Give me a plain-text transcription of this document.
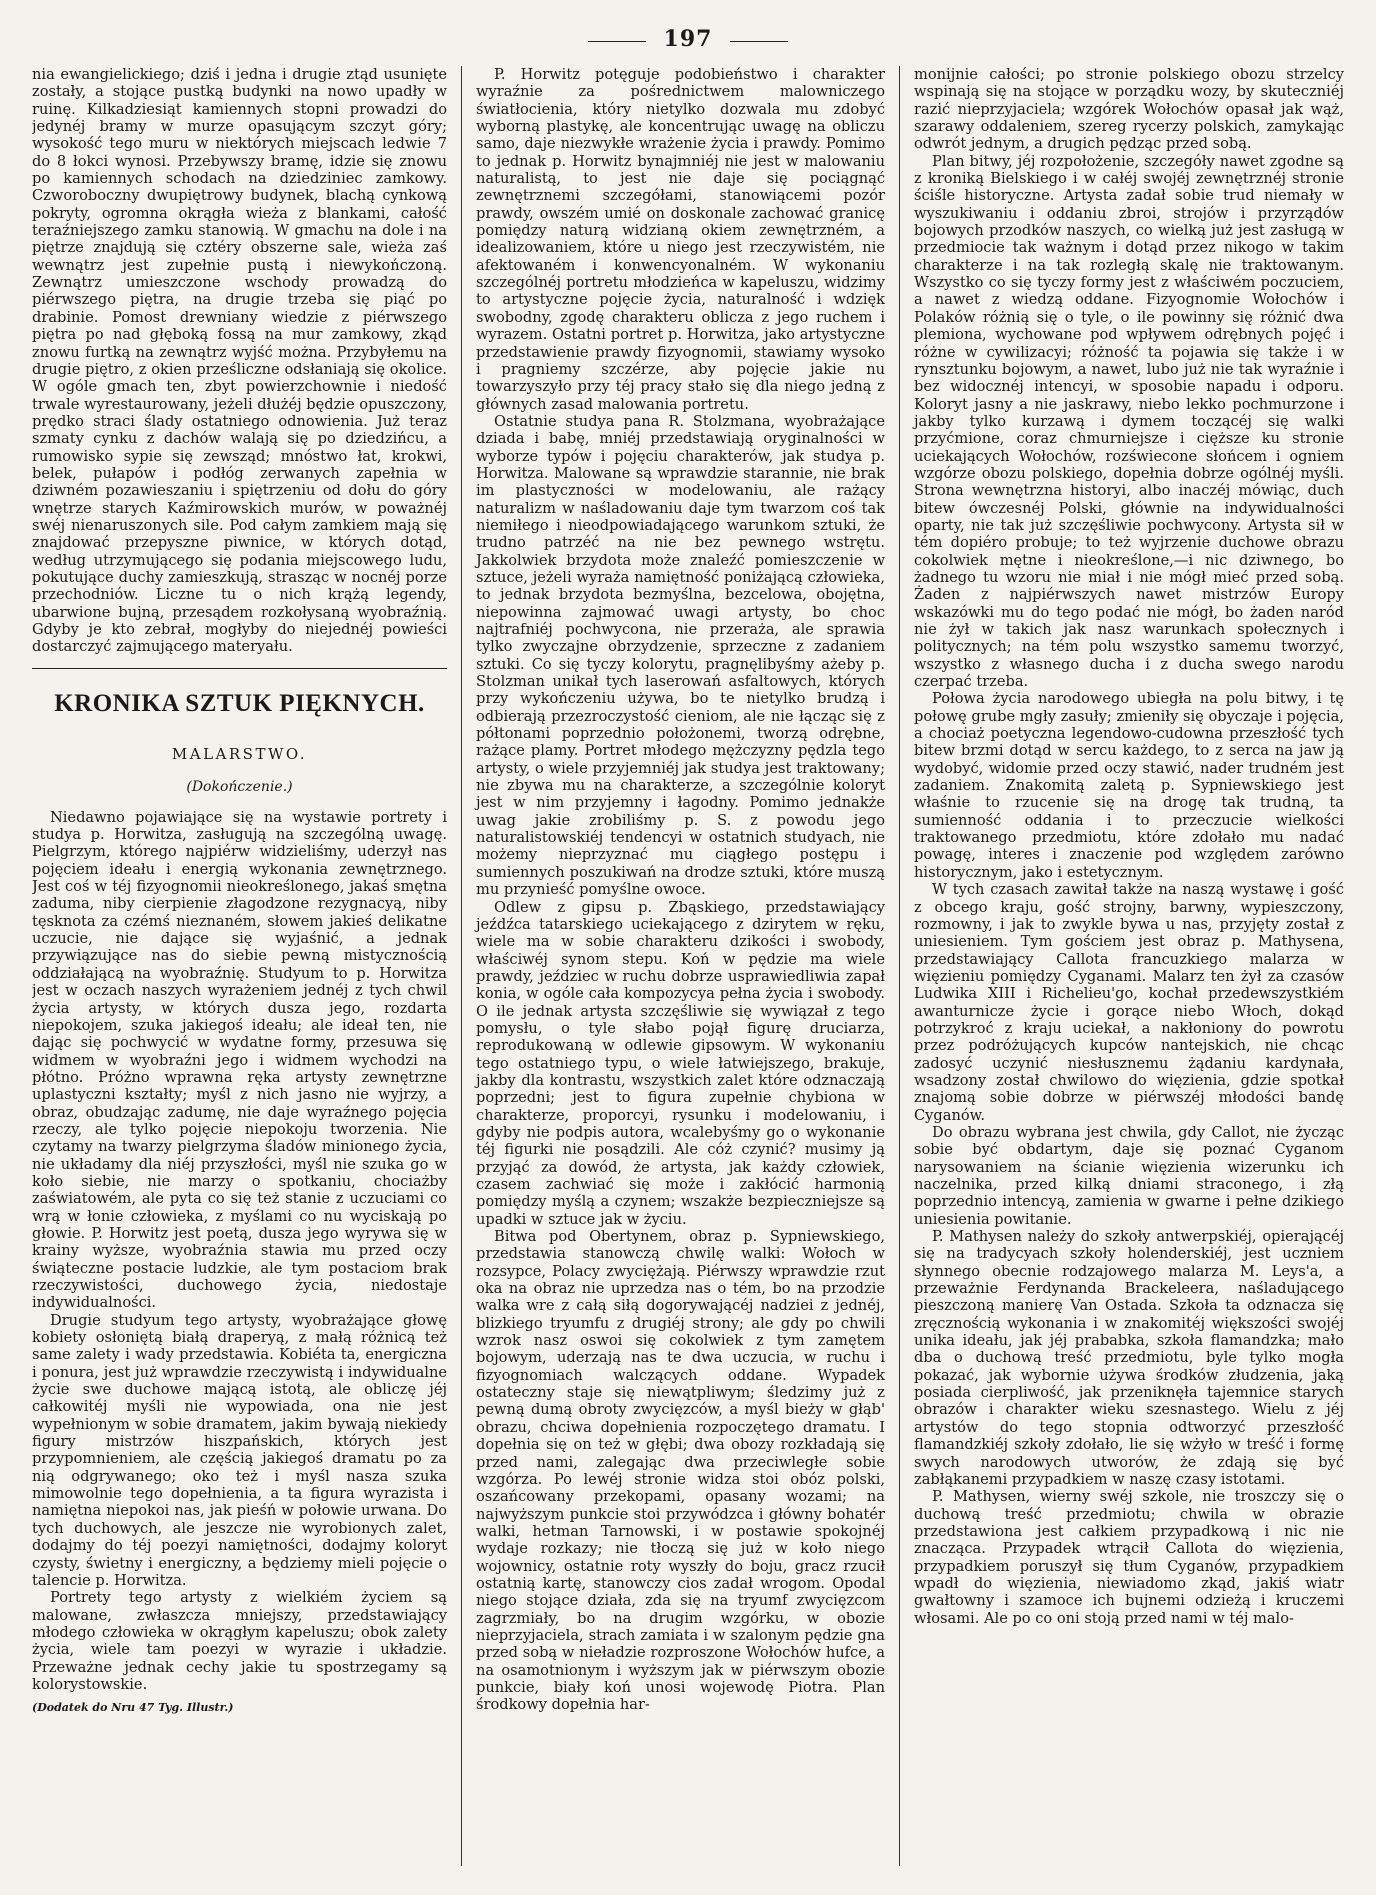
197

nia ewangielickiego; dziś i jedna i drugie ztąd usunięte zostały, a stojące pustką budynki na nowo upadły w ruinę. Kilkadziesiąt kamiennych stopni prowadzi do jedynéj bramy w murze opasującym szczyt góry; wysokość tego muru w niektórych miejscach ledwie 7 do 8 łokci wynosi. Przebywszy bramę, idzie się znowu po kamiennych schodach na dziedziniec zamkowy. Czworoboczny dwupiętrowy budynek, blachą cynkową pokryty, ogromna okrągła wieża z blankami, całość teraźniejszego zamku stanowią. W gmachu na dole i na piętrze znajdują się cztéry obszerne sale, wieża zaś wewnątrz jest zupełnie pustą i niewykończoną. Zewnątrz umieszczone wschody prowadzą do piérwszego piętra, na drugie trzeba się piąć po drabinie. Pomost drewniany wiedzie z piérwszego piętra po nad głęboką fossą na mur zamkowy, zkąd znowu furtką na zewnątrz wyjść można. Przybyłemu na drugie piętro, z okien prześliczne odsłaniają się okolice. W ogóle gmach ten, zbyt powierzchownie i niedość trwale wyrestaurowany, jeżeli dłużéj będzie opuszczony, prędko straci ślady ostatniego odnowienia. Już teraz szmaty cynku z dachów walają się po dziedzińcu, a rumowisko sypie się zewsząd; mnóstwo łat, krokwi, belek, pułapów i podłóg zerwanych zapełnia w dziwném pozawieszaniu i spiętrzeniu od dołu do góry wnętrze starych Kaźmirowskich murów, w poważnéj swéj nienaruszonych sile. Pod całym zamkiem mają się znajdować przepyszne piwnice, w których dotąd, według utrzymującego się podania miejscowego ludu, pokutujące duchy zamieszkują, strasząc w nocnéj porze przechodniów. Liczne tu o nich krążą legendy, ubarwione bujną, przesądem rozkołysaną wyobraźnią. Gdyby je kto zebrał, mogłyby do niejednéj powieści dostarczyć zajmującego materyału.

KRONIKA SZTUK PIĘKNYCH.
MALARSTWO.
(Dokończenie.)

Niedawno pojawiające się na wystawie portrety i studya p. Horwitza, zasługują na szczególną uwagę. Pielgrzym, którego najpiérw widzieliśmy, uderzył nas pojęciem ideału i energią wykonania zewnętrznego. Jest coś w téj fizyognomii nieokreślonego, jakaś smętna zaduma, niby cierpienie złagodzone rezygnacyą, niby tęsknota za czémś nieznaném, słowem jakieś delikatne uczucie, nie dające się wyjaśnić, a jednak przywiązujące nas do siebie pewną mistycznością oddziałającą na wyobraźnię. Studyum to p. Horwitza jest w oczach naszych wyrażeniem jednéj z tych chwil życia artysty, w których dusza jego, rozdarta niepokojem, szuka jakiegoś ideału; ale ideał ten, nie dając się pochwycić w wydatne formy, przesuwa się widmem w wyobraźni jego i widmem wychodzi na płótno. Próżno wprawna ręka artysty zewnętrzne uplastyczni kształty; myśl z nich jasno nie wyjrzy, a obraz, obudzając zadumę, nie daje wyraźnego pojęcia rzeczy, ale tylko pojęcie niepokoju tworzenia. Nie czytamy na twarzy pielgrzyma śladów minionego życia, nie układamy dla niéj przyszłości, myśl nie szuka go w koło siebie, nie marzy o spotkaniu, chociażby zaświatowém, ale pyta co się też stanie z uczuciami co wrą w łonie człowieka, z myślami co nu wyciskają po głowie. P. Horwitz jest poetą, dusza jego wyrywa się w krainy wyższe, wyobraźnia stawia mu przed oczy świąteczne postacie ludzkie, ale tym postaciom brak rzeczywistości, duchowego życia, niedostaje indywidualności.

Drugie studyum tego artysty, wyobrażające głowę kobiety osłoniętą białą draperyą, z małą różnicą też same zalety i wady przedstawia. Kobiéta ta, energiczna i ponura, jest już wprawdzie rzeczywistą i indywidualne życie swe duchowe mającą istotą, ale obliczę jéj całkowitéj myśli nie wypowiada, ona nie jest wypełnionym w sobie dramatem, jakim bywają niekiedy figury mistrzów hiszpańskich, których jest przypomnieniem, ale częścią jakiegoś dramatu po za nią odgrywanego; oko też i myśl nasza szuka mimowolnie tego dopełnienia, a ta figura wyrazista i namiętna niepokoi nas, jak pieśń w połowie urwana. Do tych duchowych, ale jeszcze nie wyrobionych zalet, dodajmy do téj poezyi namiętności, dodajmy koloryt czysty, świetny i energiczny, a będziemy mieli pojęcie o talencie p. Horwitza.

Portrety tego artysty z wielkiém życiem są malowane, zwłaszcza mniejszy, przedstawiający młodego człowieka w okrągłym kapeluszu; obok zalety życia, wiele tam poezyi w wyrazie i układzie. Przeważne jednak cechy jakie tu spostrzegamy są kolorystowskie.

(Dodatek do Nru 47 Tyg. Illustr.)

P. Horwitz potęguje podobieństwo i charakter wyraźnie za pośrednictwem malowniczego światłocienia, który nietylko dozwala mu zdobyć wyborną plastykę, ale koncentrując uwagę na obliczu samo, daje niezwykłe wrażenie życia i prawdy. Pomimo to jednak p. Horwitz bynajmniéj nie jest w malowaniu naturalistą, to jest nie daje się pociągnąć zewnętrznemi szczegółami, stanowiącemi pozór prawdy, owszém umié on doskonale zachować granicę pomiędzy naturą widzianą okiem zewnętrzném, a idealizowaniem, które u niego jest rzeczywistém, nie afektowaném i konwencyonalném. W wykonaniu szczególnéj portretu młodzieńca w kapeluszu, widzimy to artystyczne pojęcie życia, naturalność i wdzięk swobodny, zgodę charakteru oblicza z jego ruchem i wyrazem. Ostatni portret p. Horwitza, jako artystyczne przedstawienie prawdy fizyognomii, stawiamy wysoko i pragniemy szczérze, aby pojęcie jakie nu towarzyszyło przy téj pracy stało się dla niego jedną z głównych zasad malowania portretu.

Ostatnie studya pana R. Stolzmana, wyobrażające dziada i babę, mniéj przedstawiają oryginalności w wyborze typów i pojęciu charakterów, jak studya p. Horwitza. Malowane są wprawdzie starannie, nie brak im plastyczności w modelowaniu, ale rażący naturalizm w naśladowaniu daje tym twarzom coś tak niemiłego i nieodpowiadającego warunkom sztuki, że trudno patrzéć na nie bez pewnego wstrętu. Jakkolwiek brzydota może znaleźć pomieszczenie w sztuce, jeżeli wyraża namiętność poniżającą człowieka, to jednak brzydota bezmyślna, bezcelowa, obojętna, niepowinna zajmować uwagi artysty, bo choc najtrafniéj pochwycona, nie przeraża, ale sprawia tylko zwyczajne obrzydzenie, sprzeczne z zadaniem sztuki. Co się tyczy kolorytu, pragnęlibyśmy ażeby p. Stolzman unikał tych laserowań asfaltowych, których przy wykończeniu używa, bo te nietylko brudzą i odbierają przezroczystość cieniom, ale nie łącząc się z półtonami poprzednio położonemi, tworzą odrębne, rażące plamy. Portret młodego mężczyzny pędzla tego artysty, o wiele przyjemniéj jak studya jest traktowany; nie zbywa mu na charakterze, a szczególnie koloryt jest w nim przyjemny i łagodny. Pomimo jednakże uwag jakie zrobiliśmy p. S. z powodu jego naturalistowskiéj tendencyi w ostatnich studyach, nie możemy nieprzyznać mu ciągłego postępu i sumiennych poszukiwań na drodze sztuki, które muszą mu przynieść pomyślne owoce.

Odlew z gipsu p. Zbąskiego, przedstawiający jeźdźca tatarskiego uciekającego z dzirytem w ręku, wiele ma w sobie charakteru dzikości i swobody, właściwéj synom stepu. Koń w pędzie ma wiele prawdy, jeździec w ruchu dobrze usprawiedliwia zapał konia, w ogóle cała kompozycya pełna życia i swobody. O ile jednak artysta szczęśliwie się wywiązał z tego pomysłu, o tyle słabo pojął figurę druciarza, reprodukowaną w odlewie gipsowym. W wykonaniu tego ostatniego typu, o wiele łatwiejszego, brakuje, jakby dla kontrastu, wszystkich zalet które odznaczają poprzedni; jest to figura zupełnie chybiona w charakterze, proporcyi, rysunku i modelowaniu, i gdyby nie podpis autora, wcalebyśmy go o wykonanie téj figurki nie posądzili. Ale cóż czynić? musimy ją przyjąć za dowód, że artysta, jak każdy człowiek, czasem zachwiać się może i zakłócić harmonią pomiędzy myślą a czynem; wszakże bezpieczniejsze są upadki w sztuce jak w życiu.

Bitwa pod Obertynem, obraz p. Sypniewskiego, przedstawia stanowczą chwilę walki: Wołoch w rozsypce, Polacy zwyciężają. Piérwszy wprawdzie rzut oka na obraz nie uprzedza nas o tém, bo na przodzie walka wre z całą siłą dogorywającéj nadziei z jednéj, blizkiego tryumfu z drugiéj strony; ale gdy po chwili wzrok nasz oswoi się cokolwiek z tym zamętem bojowym, uderzają nas te dwa uczucia, w ruchu i fizyognomiach walczących oddane. Wypadek ostateczny staje się niewątpliwym; śledzimy już z pewną dumą obroty zwycięzców, a myśl bieży w głąb' obrazu, chciwa dopełnienia rozpoczętego dramatu. I dopełnia się on też w głębi; dwa obozy rozkładają się przed nami, zalegając dwa przeciwległe sobie wzgórza. Po lewéj stronie widza stoi obóz polski, oszańcowany przekopami, opasany wozami; na najwyższym punkcie stoi przywódzca i główny bohatér walki, hetman Tarnowski, i w postawie spokojnéj wydaje rozkazy; nie tłoczą się już w koło niego wojownicy, ostatnie roty wyszły do boju, gracz rzucił ostatnią kartę, stanowczy cios zadał wrogom. Opodal niego stojące działa, zda się na tryumf zwycięzcom zagrzmiały, bo na drugim wzgórku, w obozie nieprzyjaciela, strach zamiata i w szalonym pędzie gna przed sobą w nieładzie rozproszone Wołochów hufce, a na osamotnionym i wyższym jak w piérwszym obozie punkcie, biały koń unosi wojewodę Piotra. Plan środkowy dopełnia har-

monijnie całości; po stronie polskiego obozu strzelcy wspinają się na stojące w porządku wozy, by skuteczniéj razić nieprzyjaciela; wzgórek Wołochów opasał jak wąż, szarawy oddaleniem, szereg rycerzy polskich, zamykając odwrót jednym, a drugich pędząc przed sobą.

Plan bitwy, jéj rozpołożenie, szczegóły nawet zgodne są z kroniką Bielskiego i w całéj swojéj zewnętrznéj stronie ściśle historyczne. Artysta zadał sobie trud niemały w wyszukiwaniu i oddaniu zbroi, strojów i przyrządów bojowych przodków naszych, co wielką już jest zasługą w przedmiocie tak ważnym i dotąd przez nikogo w takim charakterze i na tak rozległą skalę nie traktowanym. Wszystko co się tyczy formy jest z właściwém poczuciem, a nawet z wiedzą oddane. Fizyognomie Wołochów i Polaków różnią się o tyle, o ile powinny się różnić dwa plemiona, wychowane pod wpływem odrębnych pojęć i różne w cywilizacyi; różność ta pojawia się także i w rynsztunku bojowym, a nawet, lubo już nie tak wyraźnie i bez widocznéj intencyi, w sposobie napadu i odporu. Koloryt jasny a nie jaskrawy, niebo lekko pochmurzone i jakby tylko kurzawą i dymem toczącéj się walki przyćmione, coraz chmurniejsze i cięższe ku stronie uciekających Wołochów, rozświecone słońcem i ogniem wzgórze obozu polskiego, dopełnia dobrze ogólnéj myśli. Strona wewnętrzna historyi, albo inaczéj mówiąc, duch bitew ówczesnéj Polski, głównie na indywidualności oparty, nie tak już szczęśliwie pochwycony. Artysta sił w tém dopiéro probuje; to też wyjrzenie duchowe obrazu cokolwiek mętne i nieokreślone,—i nic dziwnego, bo żadnego tu wzoru nie miał i nie mógł mieć przed sobą. Żaden z najpiérwszych nawet mistrzów Europy wskazówki mu do tego podać nie mógł, bo żaden naród nie żył w takich jak nasz warunkach społecznych i politycznych; na tém polu wszystko samemu tworzyć, wszystko z własnego ducha i z ducha swego narodu czerpać trzeba.

Połowa życia narodowego ubiegła na polu bitwy, i tę połowę grube mgły zasuły; zmieniły się obyczaje i pojęcia, a chociaż poetyczna legendowo-cudowna przeszłość tych bitew brzmi dotąd w sercu każdego, to z serca na jaw ją wydobyć, widomie przed oczy stawić, nader trudném jest zadaniem. Znakomitą zaletą p. Sypniewskiego jest właśnie to rzucenie się na drogę tak trudną, ta sumienność oddania i to przeczucie wielkości traktowanego przedmiotu, które zdołało mu nadać powagę, interes i znaczenie pod względem zarówno historycznym, jako i estetycznym.

W tych czasach zawitał także na naszą wystawę i gość z obcego kraju, gość strojny, barwny, wypieszczony, rozmowny, i jak to zwykle bywa u nas, przyjęty został z uniesieniem. Tym gościem jest obraz p. Mathysena, przedstawiający Callota francuzkiego malarza w więzieniu pomiędzy Cyganami. Malarz ten żył za czasów Ludwika XIII i Richelieu'go, kochał przedewszystkiém awanturnicze życie i gorące niebo Włoch, dokąd potrzykroć z kraju uciekał, a nakłoniony do powrotu przez podróżujących kupców nantejskich, nie chcąc zadosyć uczynić niesłusznemu żądaniu kardynała, wsadzony został chwilowo do więzienia, gdzie spotkał znajomą sobie dobrze w piérwszéj młodości bandę Cyganów.

Do obrazu wybrana jest chwila, gdy Callot, nie życząc sobie być obdartym, daje się poznać Cyganom narysowaniem na ścianie więzienia wizerunku ich naczelnika, przed kilką dniami straconego, i złą poprzednio intencyą, zamienia w gwarne i pełne dzikiego uniesienia powitanie.

P. Mathysen należy do szkoły antwerpskiéj, opierającéj się na tradycyach szkoły holenderskiéj, jest uczniem słynnego obecnie rodzajowego malarza M. Leys'a, a przeważnie Ferdynanda Brackeleera, naśladującego pieszczoną manierę Van Ostada. Szkoła ta odznacza się zręcznością wykonania i w znakomitéj większości swojéj unika ideału, jak jéj prababka, szkoła flamandzka; mało dba o duchową treść przedmiotu, byle tylko mogła pokazać, jak wybornie używa środków złudzenia, jaką posiada cierpliwość, jak przeniknęła tajemnice starych obrazów i charakter wieku szesnastego. Wielu z jéj artystów do tego stopnia odtworzyć przeszłość flamandzkiéj szkoły zdołało, lie się wżyło w treść i formę swych narodowych utworów, że zdają się być zabłąkanemi przypadkiem w naszę czasy istotami.

P. Mathysen, wierny swéj szkole, nie troszczy się o duchową treść przedmiotu; chwila w obrazie przedstawiona jest całkiem przypadkową i nic nie znacząca. Przypadek wtrącił Callota do więzienia, przypadkiem poruszył się tłum Cyganów, przypadkiem wpadł do więzienia, niewiadomo zkąd, jakiś wiatr gwałtowny i szamoce ich bujnemi odzieżą i kruczemi włosami. Ale po co oni stoją przed nami w téj malo-
